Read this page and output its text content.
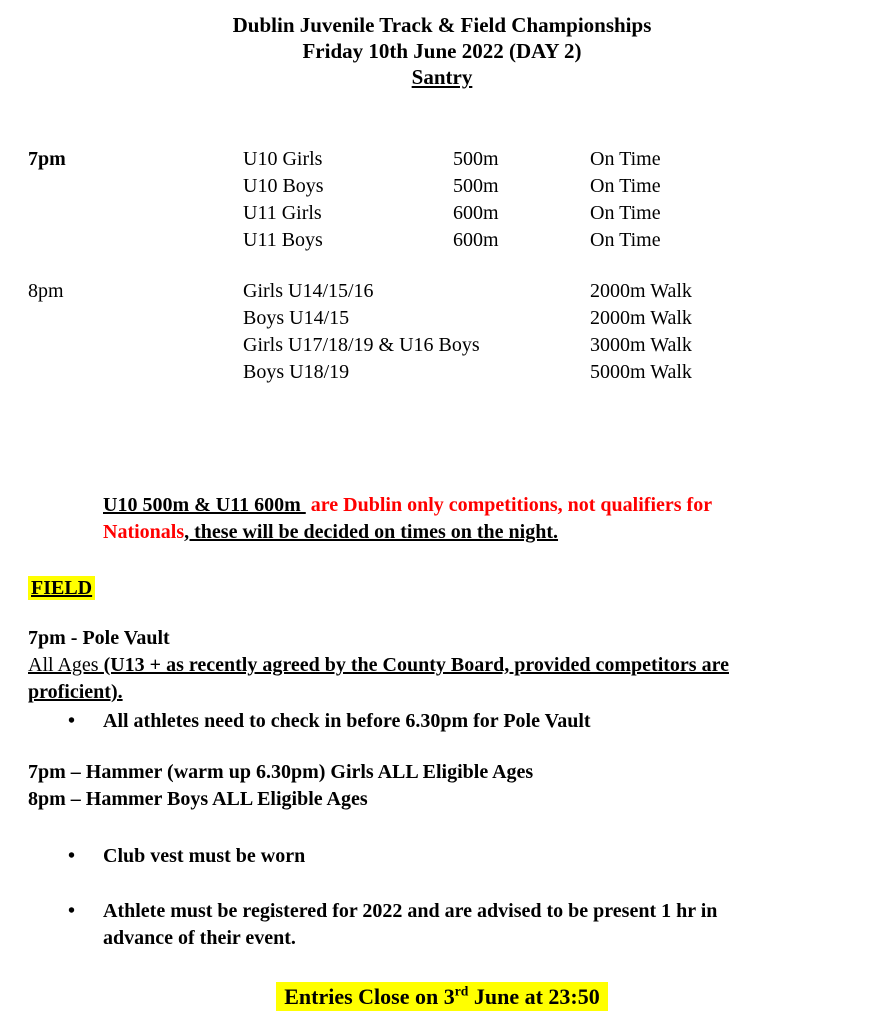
Dublin Juvenile Track & Field Championships
Friday 10th June 2022 (DAY 2)
Santry
7pm	U10 Girls	500m	On Time
U10 Boys	500m	On Time
U11 Girls	600m	On Time
U11 Boys	600m	On Time
8pm	Girls U14/15/16	2000m Walk
Boys U14/15	2000m Walk
Girls U17/18/19 & U16 Boys	3000m Walk
Boys U18/19	5000m Walk

U10 500m & U11 600m  are Dublin only competitions, not qualifiers for
Nationals, these will be decided on times on the night.

FIELD
7pm - Pole Vault
All Ages (U13 + as recently agreed by the County Board, provided competitors are
proficient).
•	All athletes need to check in before 6.30pm for Pole Vault
7pm – Hammer (warm up 6.30pm) Girls ALL Eligible Ages
8pm – Hammer Boys ALL Eligible Ages
•	Club vest must be worn
•	Athlete must be registered for 2022 and are advised to be present 1 hr in
advance of their event.
Entries Close on 3rd June at 23:50
